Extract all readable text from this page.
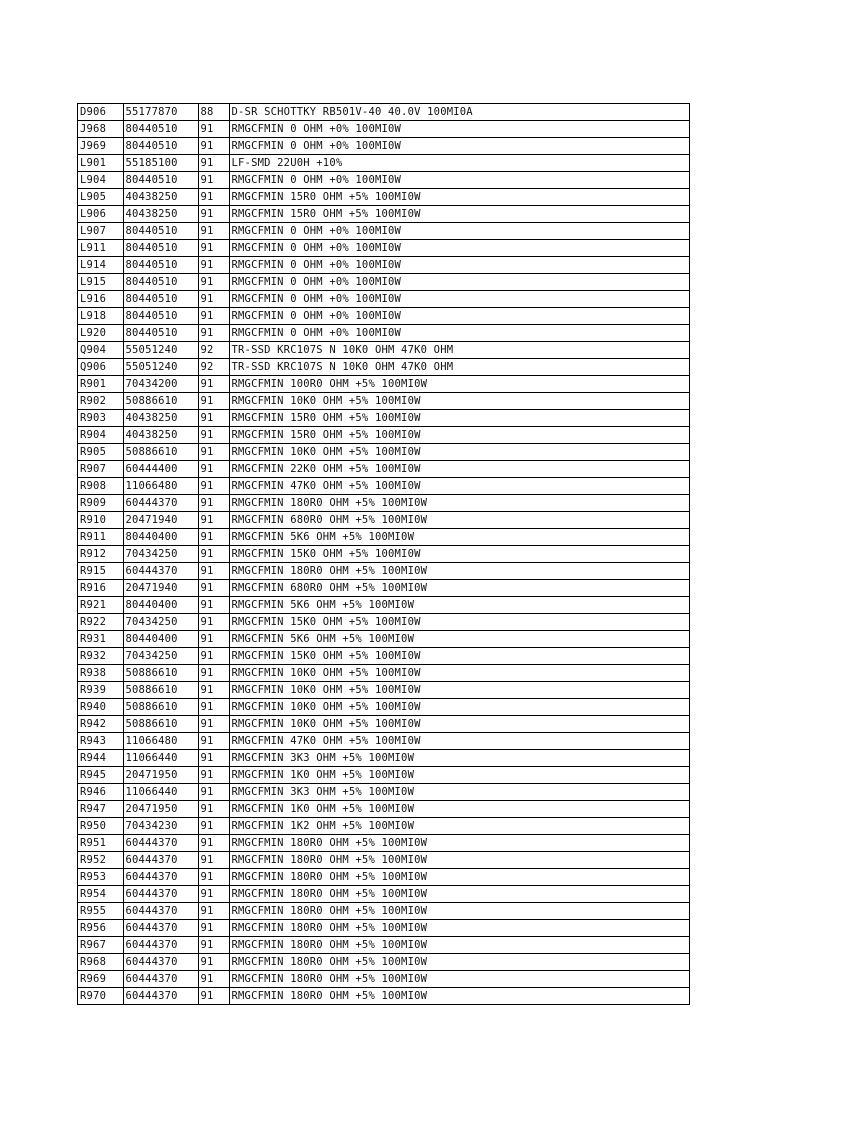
D906	55177870	88	D-SR SCHOTTKY RB501V-40 40.0V 100MI0A
J968	80440510	91	RMGCFMIN 0 OHM +0% 100MI0W
J969	80440510	91	RMGCFMIN 0 OHM +0% 100MI0W
L901	55185100	91	LF-SMD 22U0H +10%
L904	80440510	91	RMGCFMIN 0 OHM +0% 100MI0W
L905	40438250	91	RMGCFMIN 15R0 OHM +5% 100MI0W
L906	40438250	91	RMGCFMIN 15R0 OHM +5% 100MI0W
L907	80440510	91	RMGCFMIN 0 OHM +0% 100MI0W
L911	80440510	91	RMGCFMIN 0 OHM +0% 100MI0W
L914	80440510	91	RMGCFMIN 0 OHM +0% 100MI0W
L915	80440510	91	RMGCFMIN 0 OHM +0% 100MI0W
L916	80440510	91	RMGCFMIN 0 OHM +0% 100MI0W
L918	80440510	91	RMGCFMIN 0 OHM +0% 100MI0W
L920	80440510	91	RMGCFMIN 0 OHM +0% 100MI0W
Q904	55051240	92	TR-SSD KRC107S N 10K0 OHM 47K0 OHM
Q906	55051240	92	TR-SSD KRC107S N 10K0 OHM 47K0 OHM
R901	70434200	91	RMGCFMIN 100R0 OHM +5% 100MI0W
R902	50886610	91	RMGCFMIN 10K0 OHM +5% 100MI0W
R903	40438250	91	RMGCFMIN 15R0 OHM +5% 100MI0W
R904	40438250	91	RMGCFMIN 15R0 OHM +5% 100MI0W
R905	50886610	91	RMGCFMIN 10K0 OHM +5% 100MI0W
R907	60444400	91	RMGCFMIN 22K0 OHM +5% 100MI0W
R908	11066480	91	RMGCFMIN 47K0 OHM +5% 100MI0W
R909	60444370	91	RMGCFMIN 180R0 OHM +5% 100MI0W
R910	20471940	91	RMGCFMIN 680R0 OHM +5% 100MI0W
R911	80440400	91	RMGCFMIN 5K6 OHM +5% 100MI0W
R912	70434250	91	RMGCFMIN 15K0 OHM +5% 100MI0W
R915	60444370	91	RMGCFMIN 180R0 OHM +5% 100MI0W
R916	20471940	91	RMGCFMIN 680R0 OHM +5% 100MI0W
R921	80440400	91	RMGCFMIN 5K6 OHM +5% 100MI0W
R922	70434250	91	RMGCFMIN 15K0 OHM +5% 100MI0W
R931	80440400	91	RMGCFMIN 5K6 OHM +5% 100MI0W
R932	70434250	91	RMGCFMIN 15K0 OHM +5% 100MI0W
R938	50886610	91	RMGCFMIN 10K0 OHM +5% 100MI0W
R939	50886610	91	RMGCFMIN 10K0 OHM +5% 100MI0W
R940	50886610	91	RMGCFMIN 10K0 OHM +5% 100MI0W
R942	50886610	91	RMGCFMIN 10K0 OHM +5% 100MI0W
R943	11066480	91	RMGCFMIN 47K0 OHM +5% 100MI0W
R944	11066440	91	RMGCFMIN 3K3 OHM +5% 100MI0W
R945	20471950	91	RMGCFMIN 1K0 OHM +5% 100MI0W
R946	11066440	91	RMGCFMIN 3K3 OHM +5% 100MI0W
R947	20471950	91	RMGCFMIN 1K0 OHM +5% 100MI0W
R950	70434230	91	RMGCFMIN 1K2 OHM +5% 100MI0W
R951	60444370	91	RMGCFMIN 180R0 OHM +5% 100MI0W
R952	60444370	91	RMGCFMIN 180R0 OHM +5% 100MI0W
R953	60444370	91	RMGCFMIN 180R0 OHM +5% 100MI0W
R954	60444370	91	RMGCFMIN 180R0 OHM +5% 100MI0W
R955	60444370	91	RMGCFMIN 180R0 OHM +5% 100MI0W
R956	60444370	91	RMGCFMIN 180R0 OHM +5% 100MI0W
R967	60444370	91	RMGCFMIN 180R0 OHM +5% 100MI0W
R968	60444370	91	RMGCFMIN 180R0 OHM +5% 100MI0W
R969	60444370	91	RMGCFMIN 180R0 OHM +5% 100MI0W
R970	60444370	91	RMGCFMIN 180R0 OHM +5% 100MI0W
